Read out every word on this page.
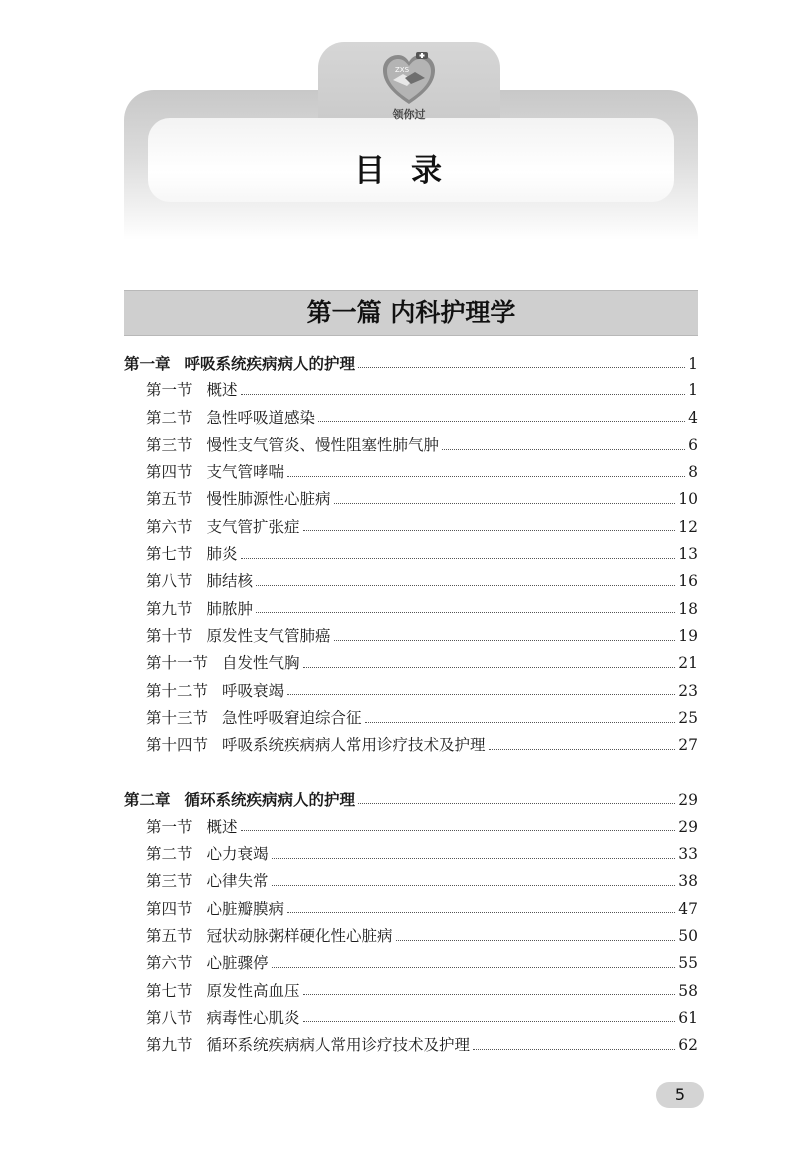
ZXS
领你过
目录
第一篇 内科护理学
第一章 呼吸系统疾病病人的护理	1
第一节 概述	1
第二节 急性呼吸道感染	4
第三节 慢性支气管炎、慢性阻塞性肺气肿	6
第四节 支气管哮喘	8
第五节 慢性肺源性心脏病	10
第六节 支气管扩张症	12
第七节 肺炎	13
第八节 肺结核	16
第九节 肺脓肿	18
第十节 原发性支气管肺癌	19
第十一节 自发性气胸	21
第十二节 呼吸衰竭	23
第十三节 急性呼吸窘迫综合征	25
第十四节 呼吸系统疾病病人常用诊疗技术及护理	27
第二章 循环系统疾病病人的护理	29
第一节 概述	29
第二节 心力衰竭	33
第三节 心律失常	38
第四节 心脏瓣膜病	47
第五节 冠状动脉粥样硬化性心脏病	50
第六节 心脏骤停	55
第七节 原发性高血压	58
第八节 病毒性心肌炎	61
第九节 循环系统疾病病人常用诊疗技术及护理	62
5
